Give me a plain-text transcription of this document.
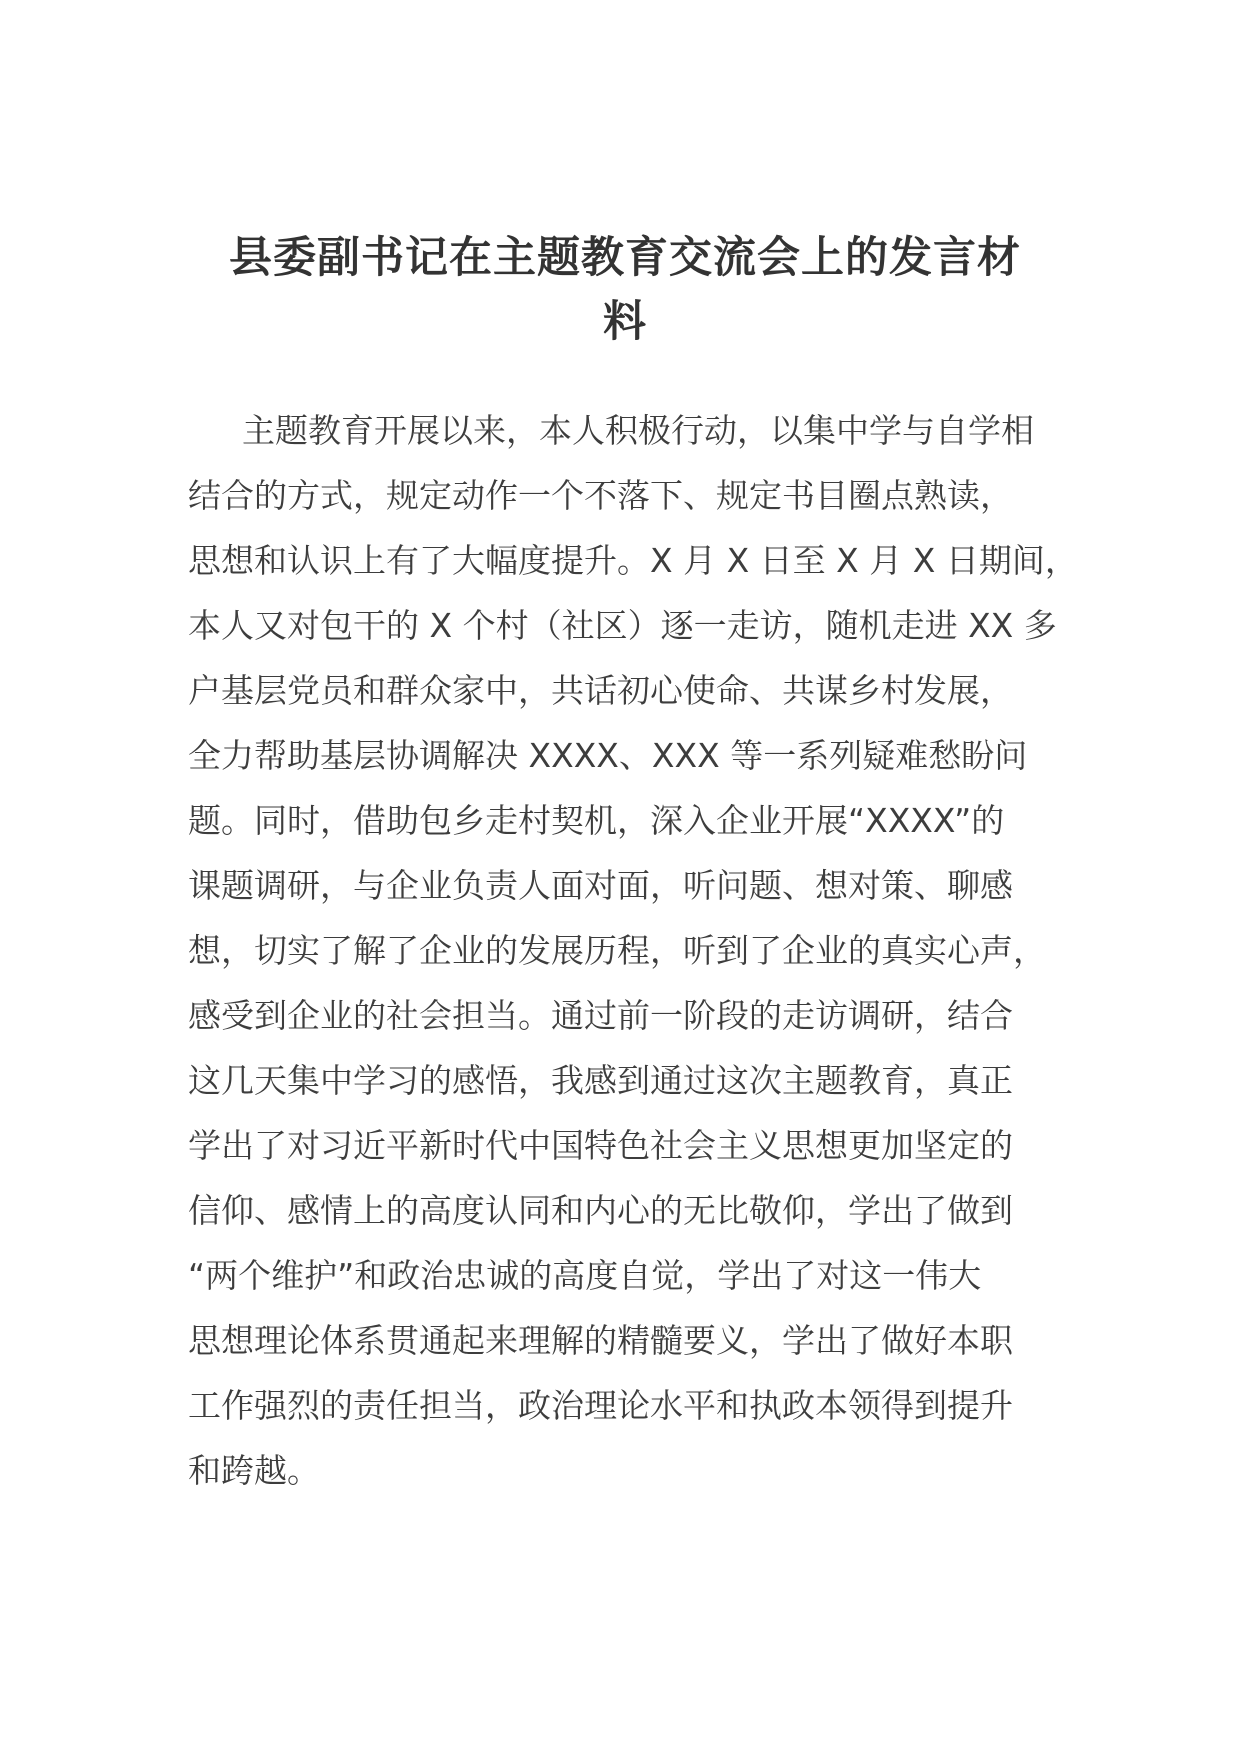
县委副书记在主题教育交流会上的发言材
料
主题教育开展以来，本人积极行动，以集中学与自学相
结合的方式，规定动作一个不落下、规定书目圈点熟读，
思想和认识上有了大幅度提升。X 月 X 日至 X 月 X 日期间，
本人又对包干的 X 个村（社区）逐一走访，随机走进 XX 多
户基层党员和群众家中，共话初心使命、共谋乡村发展，
全力帮助基层协调解决 XXXX、XXX 等一系列疑难愁盼问
题。同时，借助包乡走村契机，深入企业开展“XXXX”的
课题调研，与企业负责人面对面，听问题、想对策、聊感
想，切实了解了企业的发展历程，听到了企业的真实心声，
感受到企业的社会担当。通过前一阶段的走访调研，结合
这几天集中学习的感悟，我感到通过这次主题教育，真正
学出了对习近平新时代中国特色社会主义思想更加坚定的
信仰、感情上的高度认同和内心的无比敬仰，学出了做到
“两个维护”和政治忠诚的高度自觉，学出了对这一伟大
思想理论体系贯通起来理解的精髓要义，学出了做好本职
工作强烈的责任担当，政治理论水平和执政本领得到提升
和跨越。
